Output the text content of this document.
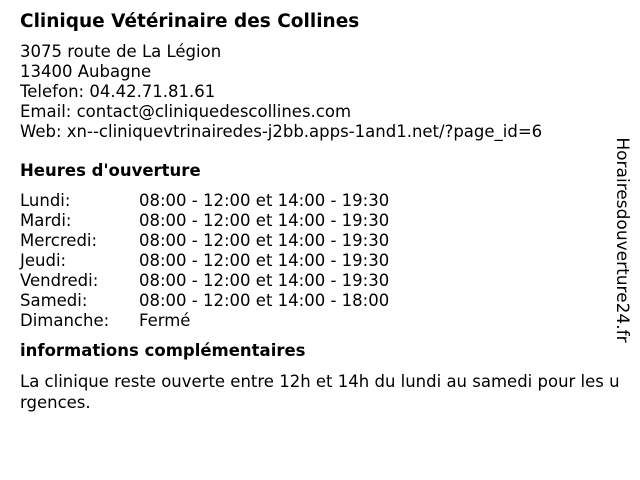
Clinique Vétérinaire des Collines
3075 route de La Légion
13400 Aubagne
Telefon: 04.42.71.81.61
Email: contact@cliniquedescollines.com
Web: xn--cliniquevtrinairedes-j2bb.apps-1and1.net/?page_id=6
Heures d'ouverture
Lundi:	08:00 - 12:00 et 14:00 - 19:30
Mardi:	08:00 - 12:00 et 14:00 - 19:30
Mercredi:	08:00 - 12:00 et 14:00 - 19:30
Jeudi:	08:00 - 12:00 et 14:00 - 19:30
Vendredi:	08:00 - 12:00 et 14:00 - 19:30
Samedi:	08:00 - 12:00 et 14:00 - 18:00
Dimanche:	Fermé
informations complémentaires
La clinique reste ouverte entre 12h et 14h du lundi au samedi pour les urgences.
Horairesdouverture24.fr
